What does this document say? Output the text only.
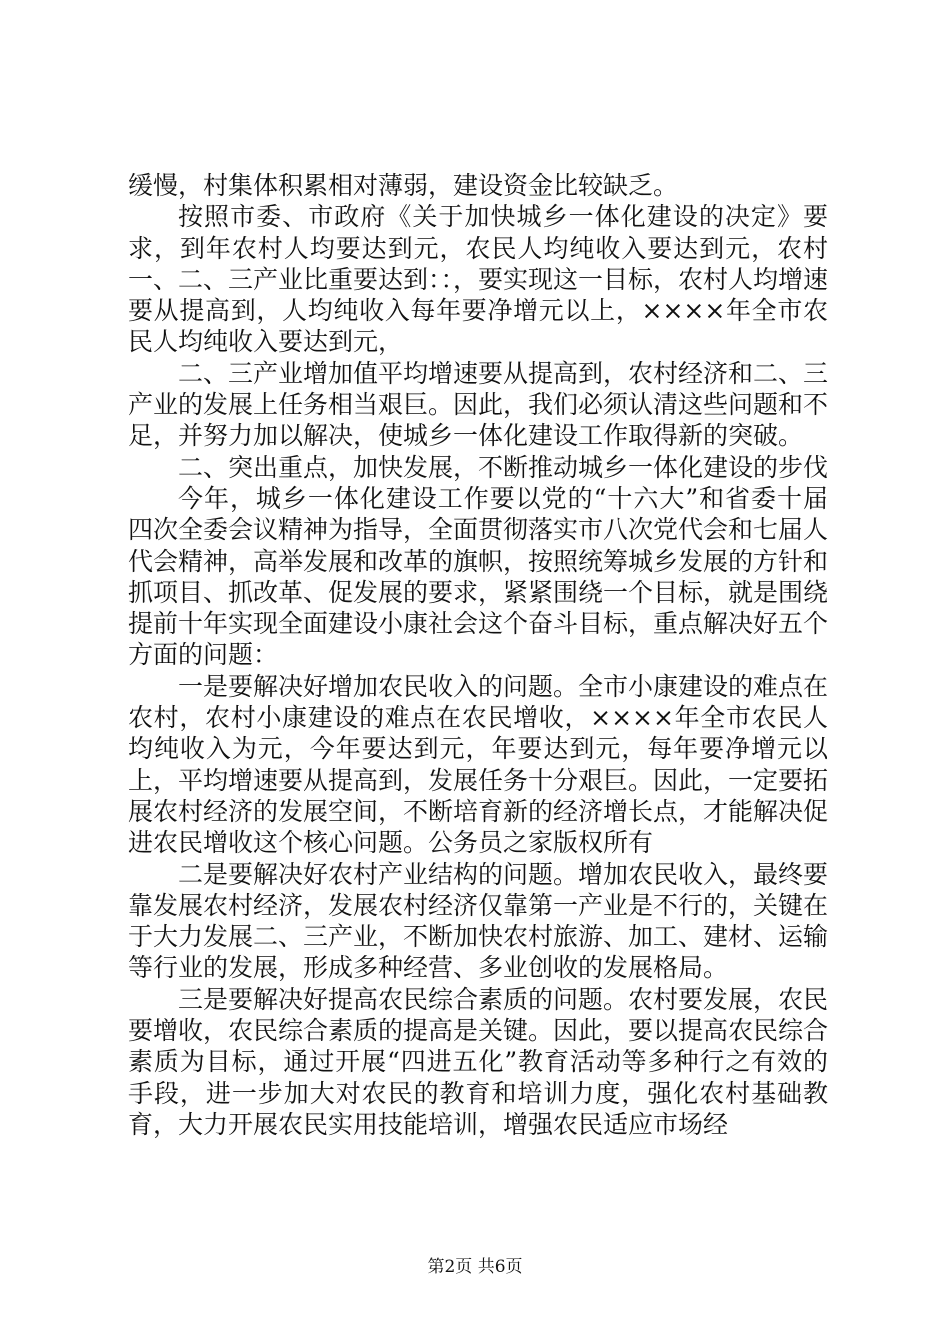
缓慢，村集体积累相对薄弱，建设资金比较缺乏。

按照市委、市政府《关于加快城乡一体化建设的决定》要求，到年农村人均要达到元，农民人均纯收入要达到元，农村一、二、三产业比重要达到：：，要实现这一目标，农村人均增速要从提高到，人均纯收入每年要净增元以上，××××年全市农民人均纯收入要达到元，

二、三产业增加值平均增速要从提高到，农村经济和二、三产业的发展上任务相当艰巨。因此，我们必须认清这些问题和不足，并努力加以解决，使城乡一体化建设工作取得新的突破。

二、突出重点，加快发展，不断推动城乡一体化建设的步伐

今年，城乡一体化建设工作要以党的“十六大”和省委十届四次全委会议精神为指导，全面贯彻落实市八次党代会和七届人代会精神，高举发展和改革的旗帜，按照统筹城乡发展的方针和抓项目、抓改革、促发展的要求，紧紧围绕一个目标，就是围绕提前十年实现全面建设小康社会这个奋斗目标，重点解决好五个方面的问题：

一是要解决好增加农民收入的问题。全市小康建设的难点在农村，农村小康建设的难点在农民增收，××××年全市农民人均纯收入为元，今年要达到元，年要达到元，每年要净增元以上，平均增速要从提高到，发展任务十分艰巨。因此，一定要拓展农村经济的发展空间，不断培育新的经济增长点，才能解决促进农民增收这个核心问题。公务员之家版权所有

二是要解决好农村产业结构的问题。增加农民收入，最终要靠发展农村经济，发展农村经济仅靠第一产业是不行的，关键在于大力发展二、三产业，不断加快农村旅游、加工、建材、运输等行业的发展，形成多种经营、多业创收的发展格局。

三是要解决好提高农民综合素质的问题。农村要发展，农民要增收，农民综合素质的提高是关键。因此，要以提高农民综合素质为目标，通过开展“四进五化”教育活动等多种行之有效的手段，进一步加大对农民的教育和培训力度，强化农村基础教育，大力开展农民实用技能培训，增强农民适应市场经

第2页 共6页
